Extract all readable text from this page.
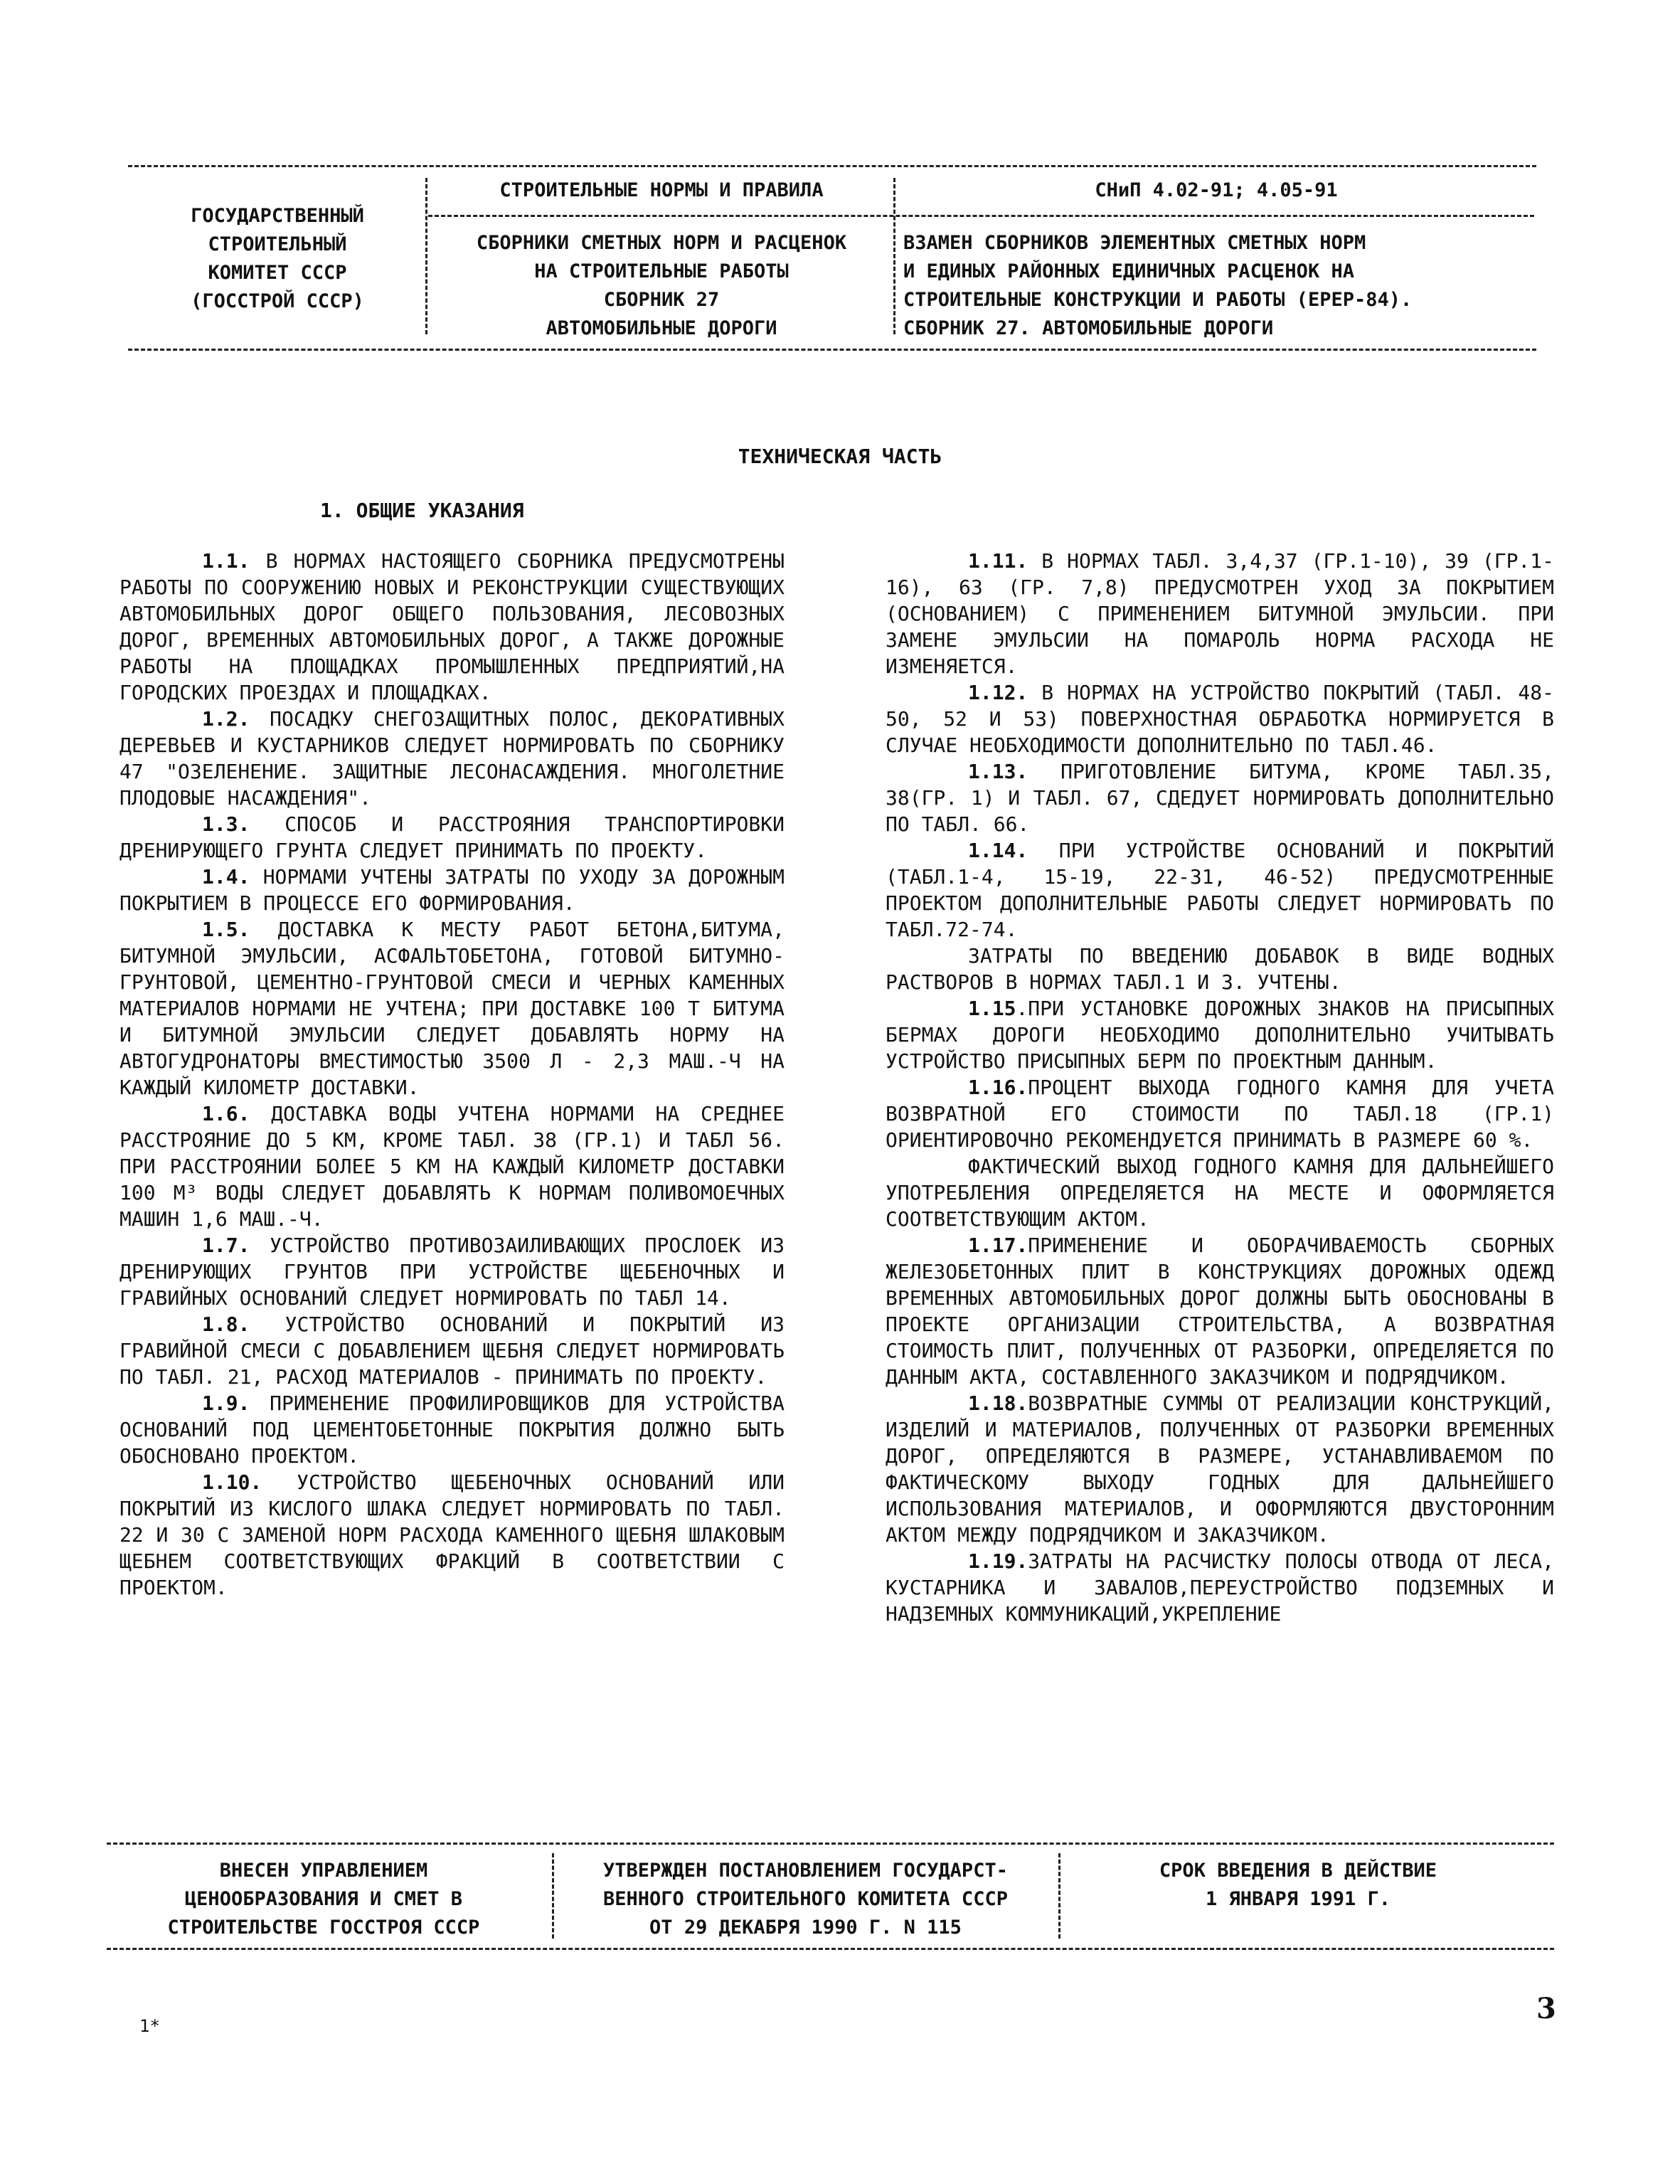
ГОСУДАРСТВЕННЫЙ
СТРОИТЕЛЬНЫЙ
КОМИТЕТ СССР
(ГОССТРОЙ СССР)
СТРОИТЕЛЬНЫЕ НОРМЫ И ПРАВИЛА	СНиП 4.02-91; 4.05-91
СБОРНИКИ СМЕТНЫХ НОРМ И РАСЦЕНОК
НА СТРОИТЕЛЬНЫЕ РАБОТЫ
СБОРНИК 27
АВТОМОБИЛЬНЫЕ ДОРОГИ
ВЗАМЕН СБОРНИКОВ ЭЛЕМЕНТНЫХ СМЕТНЫХ НОРМ
И ЕДИНЫХ РАЙОННЫХ ЕДИНИЧНЫХ РАСЦЕНОК НА
СТРОИТЕЛЬНЫЕ КОНСТРУКЦИИ И РАБОТЫ (ЕРЕР-84).
СБОРНИК 27. АВТОМОБИЛЬНЫЕ ДОРОГИ
ТЕХНИЧЕСКАЯ ЧАСТЬ
1. ОБЩИЕ УКАЗАНИЯ

1.1. В НОРМАХ НАСТОЯЩЕГО СБОРНИКА ПРЕДУСМОТРЕНЫ РАБОТЫ ПО СООРУЖЕНИЮ НОВЫХ И РЕКОНСТРУКЦИИ СУЩЕСТВУЮЩИХ АВТОМОБИЛЬНЫХ ДОРОГ ОБЩЕГО ПОЛЬЗОВАНИЯ, ЛЕСОВОЗНЫХ ДОРОГ, ВРЕМЕННЫХ АВТОМОБИЛЬНЫХ ДОРОГ, А ТАКЖЕ ДОРОЖНЫЕ РАБОТЫ НА ПЛОЩАДКАХ ПРОМЫШЛЕННЫХ ПРЕДПРИЯТИЙ,НА ГОРОДСКИХ ПРОЕЗДАХ И ПЛОЩАДКАХ.

1.2. ПОСАДКУ СНЕГОЗАЩИТНЫХ ПОЛОС, ДЕКОРАТИВНЫХ ДЕРЕВЬЕВ И КУСТАРНИКОВ СЛЕДУЕТ НОРМИРОВАТЬ ПО СБОРНИКУ 47 "ОЗЕЛЕНЕНИЕ. ЗАЩИТНЫЕ ЛЕСОНАСАЖДЕНИЯ. МНОГОЛЕТНИЕ ПЛОДОВЫЕ НАСАЖДЕНИЯ".

1.3. СПОСОБ И РАССТРОЯНИЯ ТРАНСПОРТИРОВКИ ДРЕНИРУЮЩЕГО ГРУНТА СЛЕДУЕТ ПРИНИМАТЬ ПО ПРОЕКТУ.

1.4. НОРМАМИ УЧТЕНЫ ЗАТРАТЫ ПО УХОДУ ЗА ДОРОЖНЫМ ПОКРЫТИЕМ В ПРОЦЕССЕ ЕГО ФОРМИРОВАНИЯ.

1.5. ДОСТАВКА К МЕСТУ РАБОТ БЕТОНА,БИТУМА, БИТУМНОЙ ЭМУЛЬСИИ, АСФАЛЬТОБЕТОНА, ГОТОВОЙ БИТУМНО-ГРУНТОВОЙ, ЦЕМЕНТНО-ГРУНТОВОЙ СМЕСИ И ЧЕРНЫХ КАМЕННЫХ МАТЕРИАЛОВ НОРМАМИ НЕ УЧТЕНА; ПРИ ДОСТАВКЕ 100 Т БИТУМА И БИТУМНОЙ ЭМУЛЬСИИ СЛЕДУЕТ ДОБАВЛЯТЬ НОРМУ НА АВТОГУДРОНАТОРЫ ВМЕСТИМОСТЬЮ 3500 Л - 2,3 МАШ.-Ч НА КАЖДЫЙ КИЛОМЕТР ДОСТАВКИ.

1.6. ДОСТАВКА ВОДЫ УЧТЕНА НОРМАМИ НА СРЕДНЕЕ РАССТРОЯНИЕ ДО 5 КМ, КРОМЕ ТАБЛ. 38 (ГР.1) И ТАБЛ 56. ПРИ РАССТРОЯНИИ БОЛЕЕ 5 КМ НА КАЖДЫЙ КИЛОМЕТР ДОСТАВКИ 100 М³ ВОДЫ СЛЕДУЕТ ДОБАВЛЯТЬ К НОРМАМ ПОЛИВОМОЕЧНЫХ МАШИН 1,6 МАШ.-Ч.

1.7. УСТРОЙСТВО ПРОТИВОЗАИЛИВАЮЩИХ ПРОСЛОЕК ИЗ ДРЕНИРУЮЩИХ ГРУНТОВ ПРИ УСТРОЙСТВЕ ЩЕБЕНОЧНЫХ И ГРАВИЙНЫХ ОСНОВАНИЙ СЛЕДУЕТ НОРМИРОВАТЬ ПО ТАБЛ 14.

1.8. УСТРОЙСТВО ОСНОВАНИЙ И ПОКРЫТИЙ ИЗ ГРАВИЙНОЙ СМЕСИ С ДОБАВЛЕНИЕМ ЩЕБНЯ СЛЕДУЕТ НОРМИРОВАТЬ ПО ТАБЛ. 21, РАСХОД МАТЕРИАЛОВ - ПРИНИМАТЬ ПО ПРОЕКТУ.

1.9. ПРИМЕНЕНИЕ ПРОФИЛИРОВЩИКОВ ДЛЯ УСТРОЙСТВА ОСНОВАНИЙ ПОД ЦЕМЕНТОБЕТОННЫЕ ПОКРЫТИЯ ДОЛЖНО БЫТЬ ОБОСНОВАНО ПРОЕКТОМ.

1.10. УСТРОЙСТВО ЩЕБЕНОЧНЫХ ОСНОВАНИЙ ИЛИ ПОКРЫТИЙ ИЗ КИСЛОГО ШЛАКА СЛЕДУЕТ НОРМИРОВАТЬ ПО ТАБЛ. 22 И 30 С ЗАМЕНОЙ НОРМ РАСХОДА КАМЕННОГО ЩЕБНЯ ШЛАКОВЫМ ЩЕБНЕМ СООТВЕТСТВУЮЩИХ ФРАКЦИЙ В СООТВЕТСТВИИ С ПРОЕКТОМ.

1.11. В НОРМАХ ТАБЛ. 3,4,37 (ГР.1-10), 39 (ГР.1-16), 63 (ГР. 7,8) ПРЕДУСМОТРЕН УХОД ЗА ПОКРЫТИЕМ (ОСНОВАНИЕМ) С ПРИМЕНЕНИЕМ БИТУМНОЙ ЭМУЛЬСИИ. ПРИ ЗАМЕНЕ ЭМУЛЬСИИ НА ПОМАРОЛЬ НОРМА РАСХОДА НЕ ИЗМЕНЯЕТСЯ.

1.12. В НОРМАХ НА УСТРОЙСТВО ПОКРЫТИЙ (ТАБЛ. 48-50, 52 И 53) ПОВЕРХНОСТНАЯ ОБРАБОТКА НОРМИРУЕТСЯ В СЛУЧАЕ НЕОБХОДИМОСТИ ДОПОЛНИТЕЛЬНО ПО ТАБЛ.46.

1.13. ПРИГОТОВЛЕНИЕ БИТУМА, КРОМЕ ТАБЛ.35, 38(ГР. 1) И ТАБЛ. 67, СДЕДУЕТ НОРМИРОВАТЬ ДОПОЛНИТЕЛЬНО ПО ТАБЛ. 66.

1.14. ПРИ УСТРОЙСТВЕ ОСНОВАНИЙ И ПОКРЫТИЙ (ТАБЛ.1-4, 15-19, 22-31, 46-52) ПРЕДУСМОТРЕННЫЕ ПРОЕКТОМ ДОПОЛНИТЕЛЬНЫЕ РАБОТЫ СЛЕДУЕТ НОРМИРОВАТЬ ПО ТАБЛ.72-74.

ЗАТРАТЫ ПО ВВЕДЕНИЮ ДОБАВОК В ВИДЕ ВОДНЫХ РАСТВОРОВ В НОРМАХ ТАБЛ.1 И 3. УЧТЕНЫ.

1.15.ПРИ УСТАНОВКЕ ДОРОЖНЫХ ЗНАКОВ НА ПРИСЫПНЫХ БЕРМАХ ДОРОГИ НЕОБХОДИМО ДОПОЛНИТЕЛЬНО УЧИТЫВАТЬ УСТРОЙСТВО ПРИСЫПНЫХ БЕРМ ПО ПРОЕКТНЫМ ДАННЫМ.

1.16.ПРОЦЕНТ ВЫХОДА ГОДНОГО КАМНЯ ДЛЯ УЧЕТА ВОЗВРАТНОЙ ЕГО СТОИМОСТИ ПО ТАБЛ.18 (ГР.1) ОРИЕНТИРОВОЧНО РЕКОМЕНДУЕТСЯ ПРИНИМАТЬ В РАЗМЕРЕ 60 %.

ФАКТИЧЕСКИЙ ВЫХОД ГОДНОГО КАМНЯ ДЛЯ ДАЛЬНЕЙШЕГО УПОТРЕБЛЕНИЯ ОПРЕДЕЛЯЕТСЯ НА МЕСТЕ И ОФОРМЛЯЕТСЯ СООТВЕТСТВУЮЩИМ АКТОМ.

1.17.ПРИМЕНЕНИЕ И ОБОРАЧИВАЕМОСТЬ СБОРНЫХ ЖЕЛЕЗОБЕТОННЫХ ПЛИТ В КОНСТРУКЦИЯХ ДОРОЖНЫХ ОДЕЖД ВРЕМЕННЫХ АВТОМОБИЛЬНЫХ ДОРОГ ДОЛЖНЫ БЫТЬ ОБОСНОВАНЫ В ПРОЕКТЕ ОРГАНИЗАЦИИ СТРОИТЕЛЬСТВА, А ВОЗВРАТНАЯ СТОИМОСТЬ ПЛИТ, ПОЛУЧЕННЫХ ОТ РАЗБОРКИ, ОПРЕДЕЛЯЕТСЯ ПО ДАННЫМ АКТА, СОСТАВЛЕННОГО ЗАКАЗЧИКОМ И ПОДРЯДЧИКОМ.

1.18.ВОЗВРАТНЫЕ СУММЫ ОТ РЕАЛИЗАЦИИ КОНСТРУКЦИЙ, ИЗДЕЛИЙ И МАТЕРИАЛОВ, ПОЛУЧЕННЫХ ОТ РАЗБОРКИ ВРЕМЕННЫХ ДОРОГ, ОПРЕДЕЛЯЮТСЯ В РАЗМЕРЕ, УСТАНАВЛИВАЕМОМ ПО ФАКТИЧЕСКОМУ ВЫХОДУ ГОДНЫХ ДЛЯ ДАЛЬНЕЙШЕГО ИСПОЛЬЗОВАНИЯ МАТЕРИАЛОВ, И ОФОРМЛЯЮТСЯ ДВУСТОРОННИМ АКТОМ МЕЖДУ ПОДРЯДЧИКОМ И ЗАКАЗЧИКОМ.

1.19.ЗАТРАТЫ НА РАСЧИСТКУ ПОЛОСЫ ОТВОДА ОТ ЛЕСА, КУСТАРНИКА И ЗАВАЛОВ,ПЕРЕУСТРОЙСТВО ПОДЗЕМНЫХ И НАДЗЕМНЫХ КОММУНИКАЦИЙ,УКРЕПЛЕНИЕ

ВНЕСЕН УПРАВЛЕНИЕМ
ЦЕНООБРАЗОВАНИЯ И СМЕТ В
СТРОИТЕЛЬСТВЕ ГОССТРОЯ СССР
УТВЕРЖДЕН ПОСТАНОВЛЕНИЕМ ГОСУДАРСТ-
ВЕННОГО СТРОИТЕЛЬНОГО КОМИТЕТА СССР
ОТ 29 ДЕКАБРЯ 1990 Г. N 115
СРОК ВВЕДЕНИЯ В ДЕЙСТВИЕ
1 ЯНВАРЯ 1991 Г.
1*
3
